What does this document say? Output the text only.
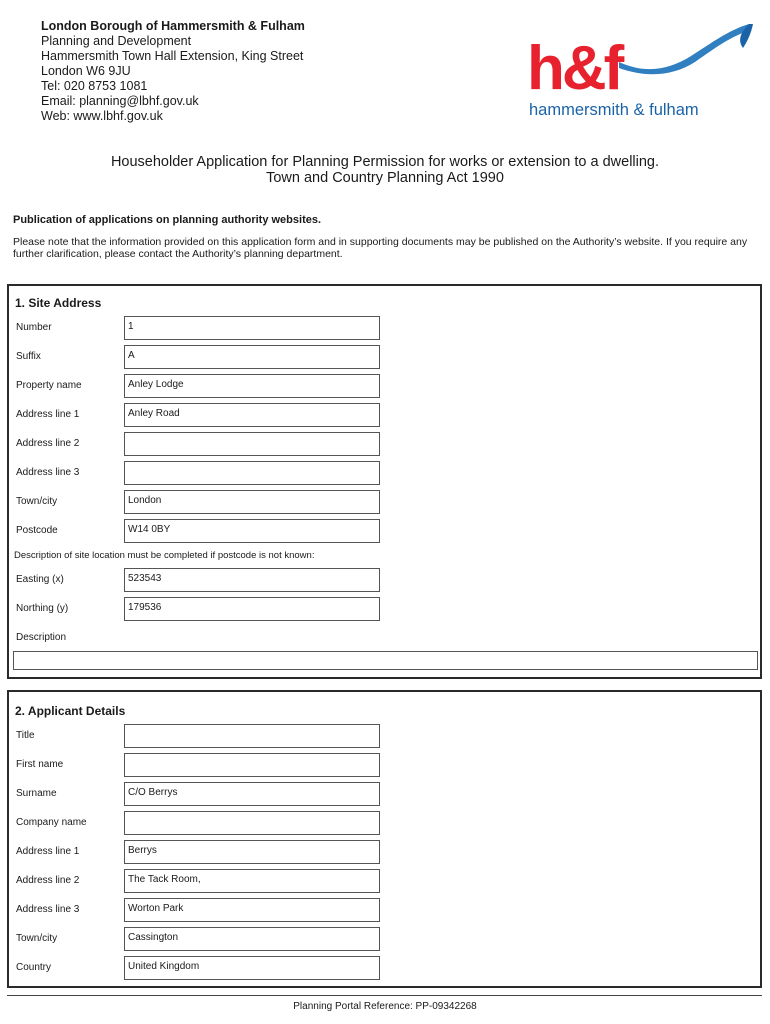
London Borough of Hammersmith & Fulham
Planning and Development
Hammersmith Town Hall Extension, King Street
London W6 9JU
Tel: 020 8753 1081
Email: planning@lbhf.gov.uk
Web: www.lbhf.gov.uk
h&f
hammersmith & fulham
Householder Application for Planning Permission for works or extension to a dwelling.
Town and Country Planning Act 1990
Publication of applications on planning authority websites.
Please note that the information provided on this application form and in supporting documents may be published on the Authority’s website. If you require any further clarification, please contact the Authority’s planning department.
1. Site Address
Number	1
Suffix	A
Property name	Anley Lodge
Address line 1	Anley Road
Address line 2
Address line 3
Town/city	London
Postcode	W14 0BY
Description of site location must be completed if postcode is not known:
Easting (x)	523543
Northing (y)	179536
Description
2. Applicant Details
Title
First name
Surname	C/O Berrys
Company name
Address line 1	Berrys
Address line 2	The Tack Room,
Address line 3	Worton Park
Town/city	Cassington
Country	United Kingdom
Planning Portal Reference: PP-09342268
